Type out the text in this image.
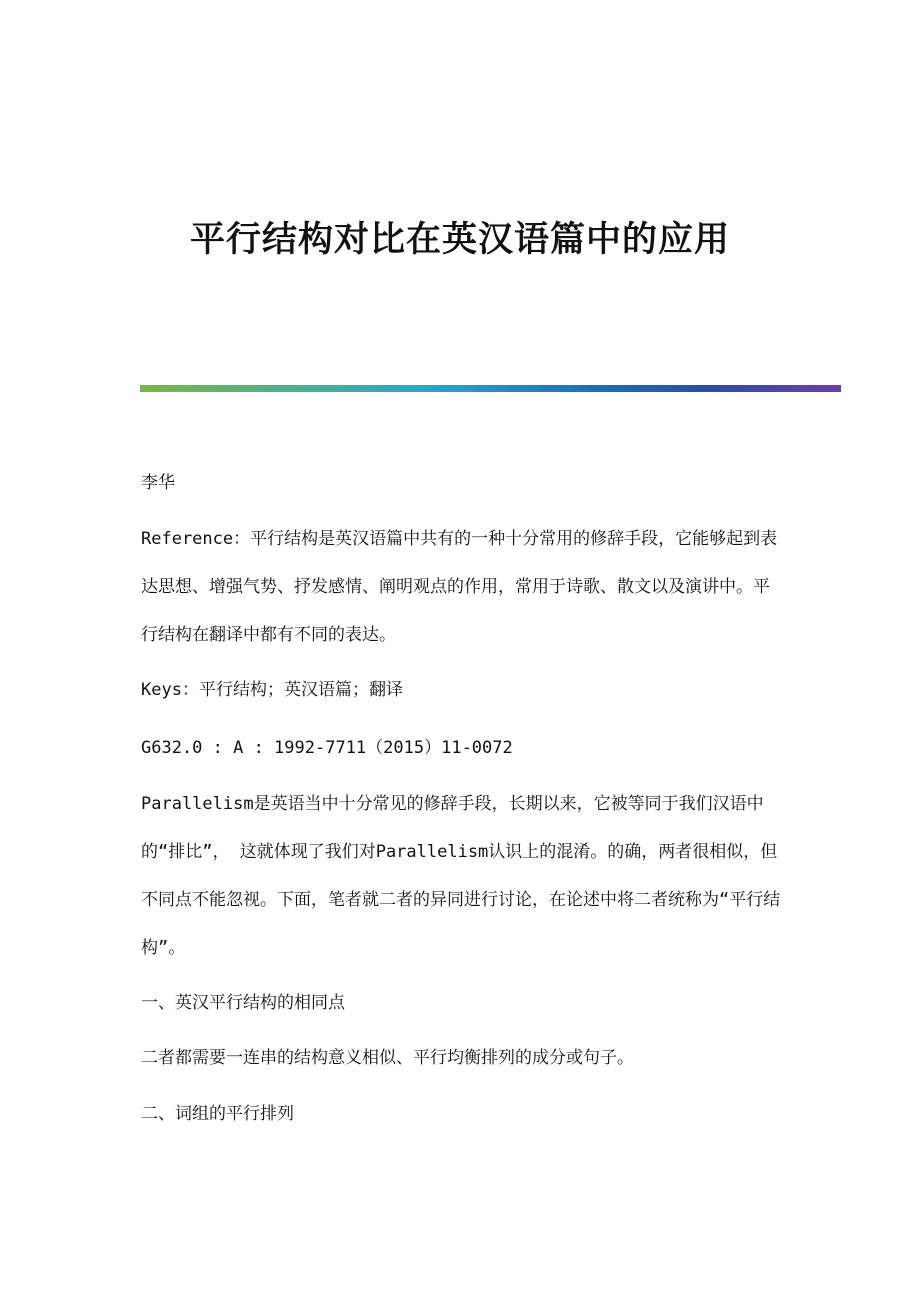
平行结构对比在英汉语篇中的应用

李华

Reference：平行结构是英汉语篇中共有的一种十分常用的修辞手段，它能够起到表达思想、增强气势、抒发感情、阐明观点的作用，常用于诗歌、散文以及演讲中。平行结构在翻译中都有不同的表达。

Keys：平行结构；英汉语篇；翻译

G632.0 : A : 1992-7711（2015）11-0072

Parallelism是英语当中十分常见的修辞手段，长期以来，它被等同于我们汉语中的“排比”， 这就体现了我们对Parallelism认识上的混淆。的确，两者很相似，但不同点不能忽视。下面，笔者就二者的异同进行讨论，在论述中将二者统称为“平行结构”。

一、英汉平行结构的相同点

二者都需要一连串的结构意义相似、平行均衡排列的成分或句子。

二、词组的平行排列
